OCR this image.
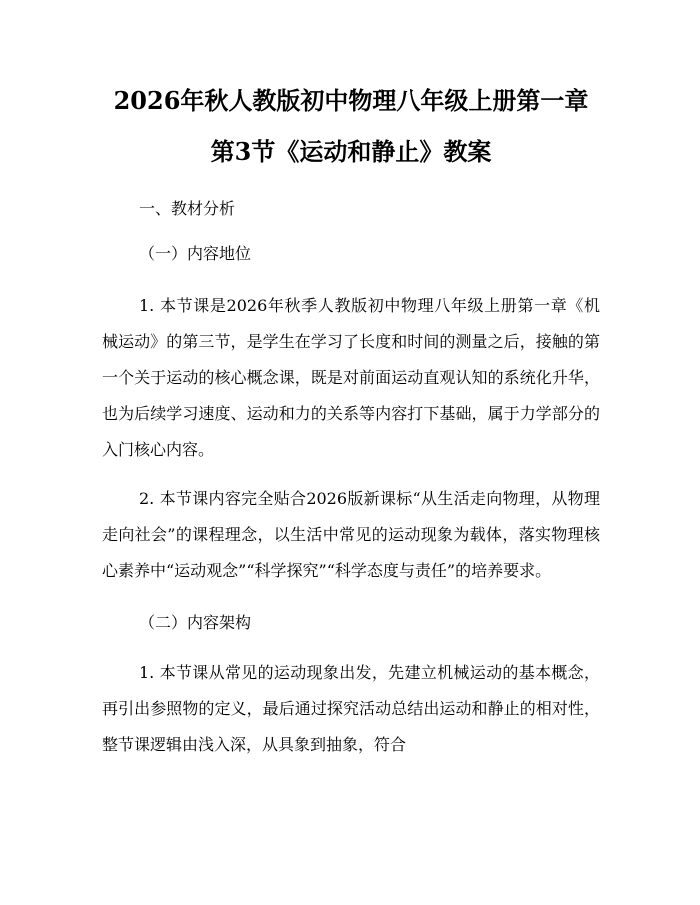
2026年秋人教版初中物理八年级上册第一章
第3节《运动和静止》教案

一、教材分析

（一）内容地位

1. 本节课是2026年秋季人教版初中物理八年级上册第一章《机械运动》的第三节，是学生在学习了长度和时间的测量之后，接触的第一个关于运动的核心概念课，既是对前面运动直观认知的系统化升华，也为后续学习速度、运动和力的关系等内容打下基础，属于力学部分的入门核心内容。

2. 本节课内容完全贴合2026版新课标“从生活走向物理，从物理走向社会”的课程理念，以生活中常见的运动现象为载体，落实物理核心素养中“运动观念”“科学探究”“科学态度与责任”的培养要求。

（二）内容架构

1. 本节课从常见的运动现象出发，先建立机械运动的基本概念，再引出参照物的定义，最后通过探究活动总结出运动和静止的相对性，整节课逻辑由浅入深，从具象到抽象，符合
